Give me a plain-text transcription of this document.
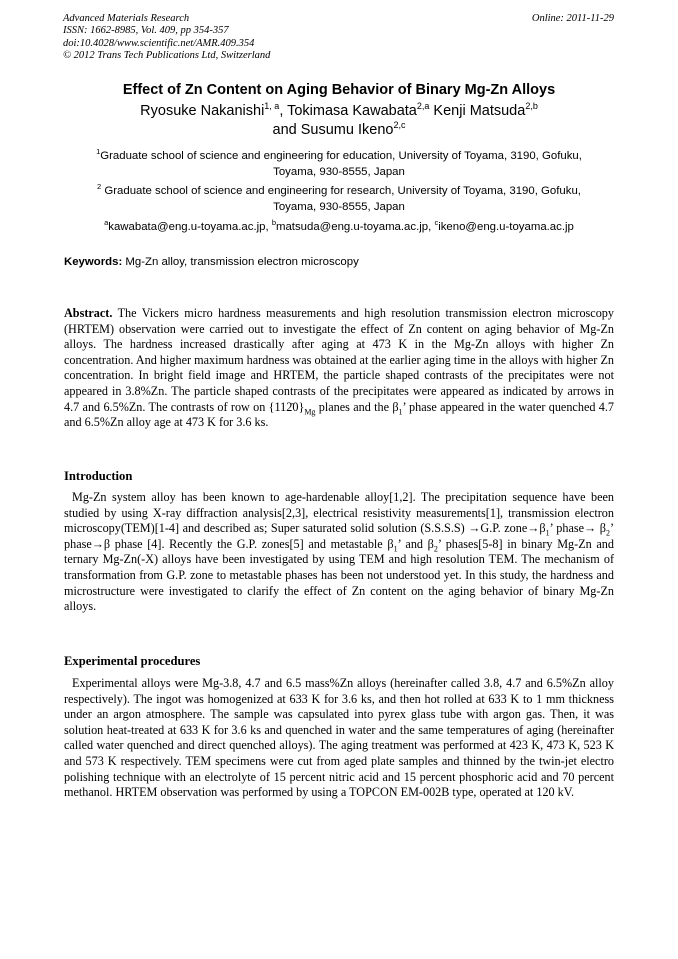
Advanced Materials Research
ISSN: 1662-8985, Vol. 409, pp 354-357
doi:10.4028/www.scientific.net/AMR.409.354
© 2012 Trans Tech Publications Ltd, Switzerland
Online: 2011-11-29
Effect of Zn Content on Aging Behavior of Binary Mg-Zn Alloys
Ryosuke Nakanishi$^{1, a}$, Tokimasa Kawabata$^{2,a}$ Kenji Matsuda$^{2,b}$
and Susumu Ikeno$^{2,c}$
$^1$Graduate school of science and engineering for education, University of Toyama, 3190, Gofuku,
Toyama, 930-8555, Japan
$^2$ Graduate school of science and engineering for research, University of Toyama, 3190, Gofuku,
Toyama, 930-8555, Japan
$^a$kawabata@eng.u-toyama.ac.jp, $^b$matsuda@eng.u-toyama.ac.jp, $^c$ikeno@eng.u-toyama.ac.jp
Keywords: Mg-Zn alloy, transmission electron microscopy
Abstract. The Vickers micro hardness measurements and high resolution transmission electron microscopy (HRTEM) observation were carried out to investigate the effect of Zn content on aging behavior of Mg-Zn alloys. The hardness increased drastically after aging at 473 K in the Mg-Zn alloys with higher Zn concentration. And higher maximum hardness was obtained at the earlier aging time in the alloys with higher Zn concentration. In bright field image and HRTEM, the particle shaped contrasts of the precipitates were not appeared in 3.8%Zn. The particle shaped contrasts of the precipitates were appeared as indicated by arrows in 4.7 and 6.5%Zn. The contrasts of row on $\{112̄0\}_{Mg}$ planes and the $\beta_1$’ phase appeared in the water quenched 4.7 and 6.5%Zn alloy age at 473 K for 3.6 ks.
Introduction
Mg-Zn system alloy has been known to age-hardenable alloy[1,2]. The precipitation sequence have been studied by using X-ray diffraction analysis[2,3], electrical resistivity measurements[1], transmission electron microscopy(TEM)[1-4] and described as; Super saturated solid solution (S.S.S.S) →G.P. $zone\to\beta_1$’ phase→ $\beta_2$’ phase→β phase [4]. Recently the G.P. zones[5] and metastable $\beta_1$’ and $\beta_2$’ phases[5-8] in binary Mg-Zn and ternary Mg-Zn(-X) alloys have been investigated by using TEM and high resolution TEM. The mechanism of transformation from G.P. zone to metastable phases has been not understood yet. In this study, the hardness and microstructure were investigated to clarify the effect of Zn content on the aging behavior of binary Mg-Zn alloys.
Experimental procedures
Experimental alloys were Mg-3.8, 4.7 and 6.5 mass%Zn alloys (hereinafter called 3.8, 4.7 and 6.5%Zn alloy respectively). The ingot was homogenized at 633 K for 3.6 ks, and then hot rolled at 633 K to 1 mm thickness under an argon atmosphere. The sample was capsulated into pyrex glass tube with argon gas. Then, it was solution heat-treated at 633 K for 3.6 ks and quenched in water and the same temperatures of aging (hereinafter called water quenched and direct quenched alloys). The aging treatment was performed at 423 K, 473 K, 523 K and 573 K respectively. TEM specimens were cut from aged plate samples and thinned by the twin-jet electro polishing technique with an electrolyte of 15 percent nitric acid and 15 percent phosphoric acid and 70 percent methanol. HRTEM observation was performed by using a TOPCON EM-002B type, operated at 120 kV.
